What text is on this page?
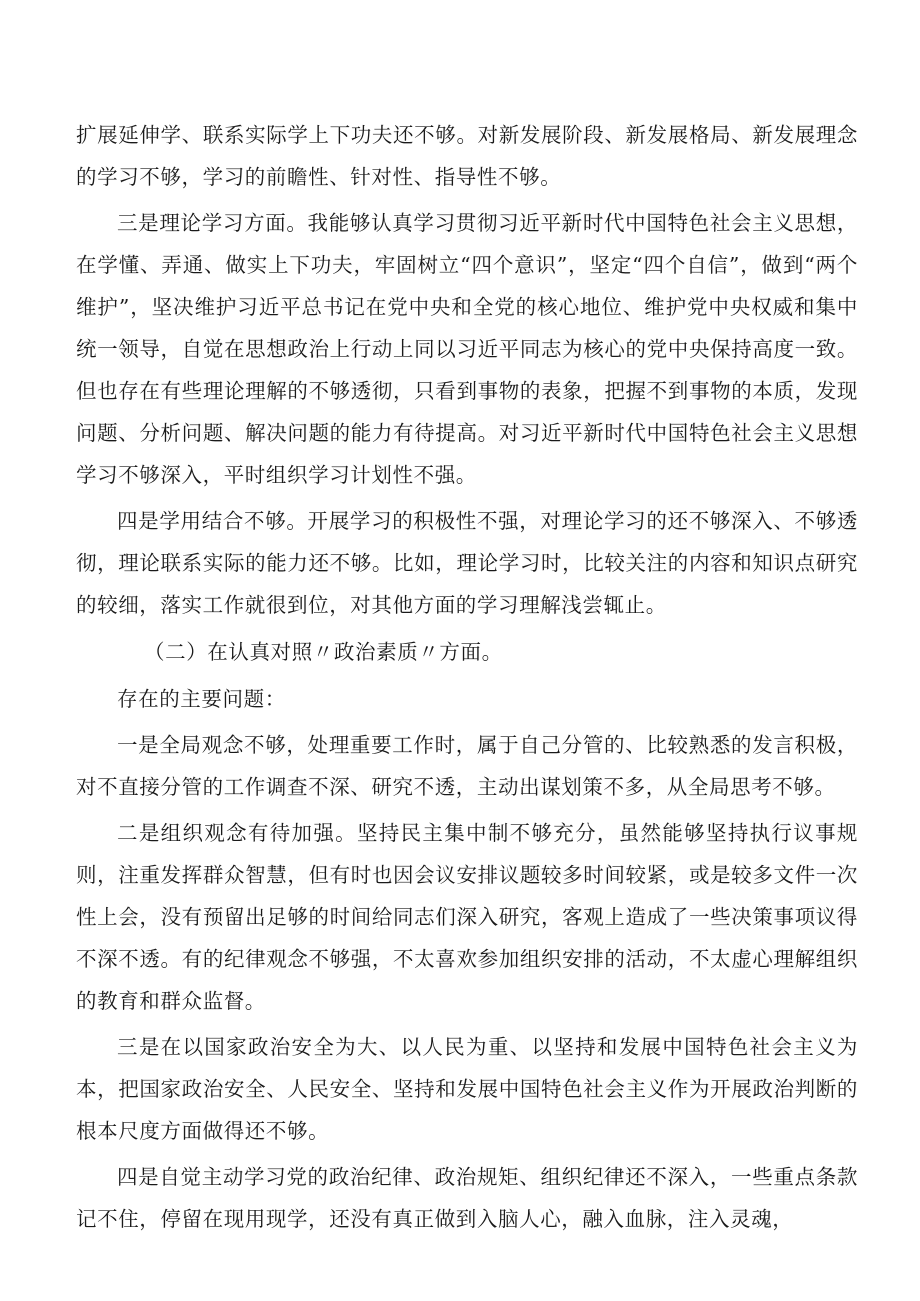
扩展延伸学、联系实际学上下功夫还不够。对新发展阶段、新发展格局、新发展理念的学习不够，学习的前瞻性、针对性、指导性不够。

三是理论学习方面。我能够认真学习贯彻习近平新时代中国特色社会主义思想，在学懂、弄通、做实上下功夫，牢固树立“四个意识”，坚定“四个自信”，做到“两个维护”，坚决维护习近平总书记在党中央和全党的核心地位、维护党中央权威和集中统一领导，自觉在思想政治上行动上同以习近平同志为核心的党中央保持高度一致。但也存在有些理论理解的不够透彻，只看到事物的表象，把握不到事物的本质，发现问题、分析问题、解决问题的能力有待提高。对习近平新时代中国特色社会主义思想学习不够深入，平时组织学习计划性不强。

四是学用结合不够。开展学习的积极性不强，对理论学习的还不够深入、不够透彻，理论联系实际的能力还不够。比如，理论学习时，比较关注的内容和知识点研究的较细，落实工作就很到位，对其他方面的学习理解浅尝辄止。

（二）在认真对照〃政治素质〃方面。

存在的主要问题：

一是全局观念不够，处理重要工作时，属于自己分管的、比较熟悉的发言积极，对不直接分管的工作调查不深、研究不透，主动出谋划策不多，从全局思考不够。

二是组织观念有待加强。坚持民主集中制不够充分，虽然能够坚持执行议事规则，注重发挥群众智慧，但有时也因会议安排议题较多时间较紧，或是较多文件一次性上会，没有预留出足够的时间给同志们深入研究，客观上造成了一些决策事项议得不深不透。有的纪律观念不够强，不太喜欢参加组织安排的活动，不太虚心理解组织的教育和群众监督。

三是在以国家政治安全为大、以人民为重、以坚持和发展中国特色社会主义为本，把国家政治安全、人民安全、坚持和发展中国特色社会主义作为开展政治判断的根本尺度方面做得还不够。

四是自觉主动学习党的政治纪律、政治规矩、组织纪律还不深入，一些重点条款记不住，停留在现用现学，还没有真正做到入脑人心，融入血脉，注入灵魂，
